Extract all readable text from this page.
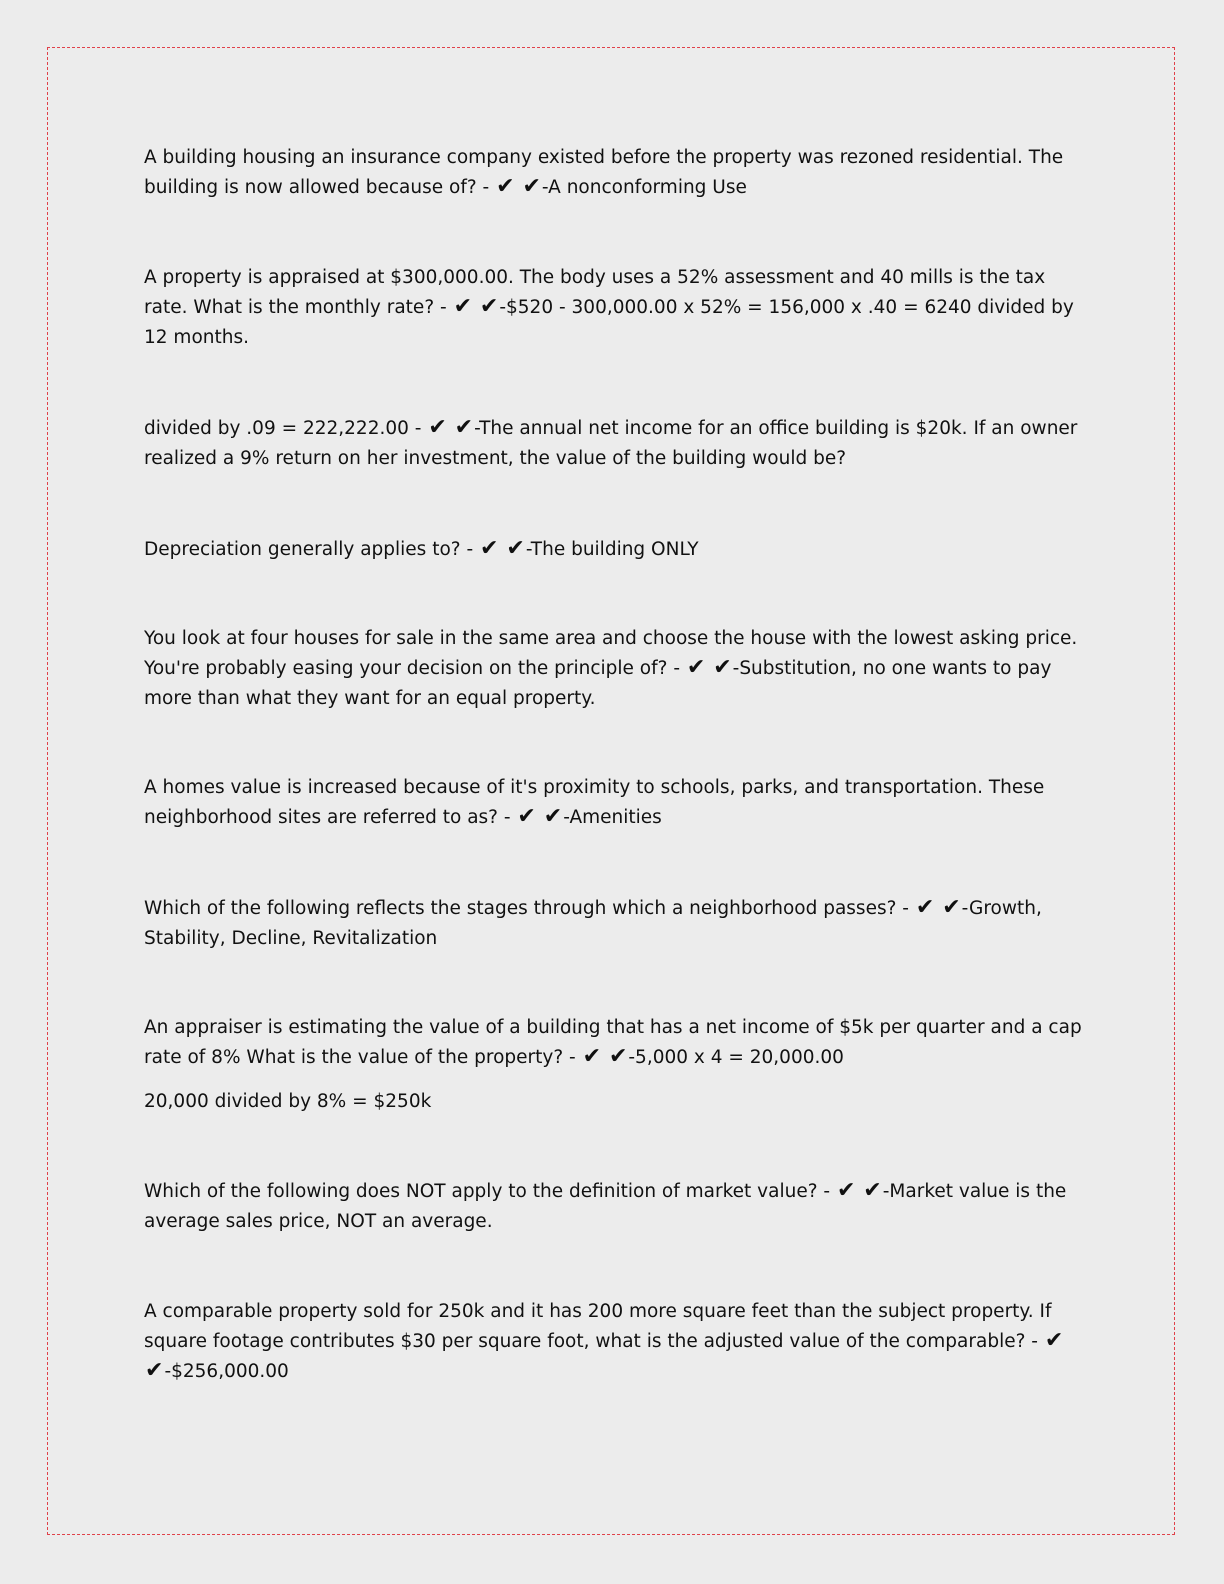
A building housing an insurance company existed before the property was rezoned residential. The building is now allowed because of? - ✔ ✔-A nonconforming Use

A property is appraised at $300,000.00. The body uses a 52% assessment and 40 mills is the tax rate. What is the monthly rate? - ✔ ✔-$520 - 300,000.00 x 52% = 156,000 x .40 = 6240 divided by 12 months.

divided by .09 = 222,222.00 - ✔ ✔-The annual net income for an office building is $20k. If an owner realized a 9% return on her investment, the value of the building would be?

Depreciation generally applies to? - ✔ ✔-The building ONLY

You look at four houses for sale in the same area and choose the house with the lowest asking price. You're probably easing your decision on the principle of? - ✔ ✔-Substitution, no one wants to pay more than what they want for an equal property.

A homes value is increased because of it's proximity to schools, parks, and transportation. These neighborhood sites are referred to as? - ✔ ✔-Amenities

Which of the following reflects the stages through which a neighborhood passes? - ✔ ✔-Growth, Stability, Decline, Revitalization

An appraiser is estimating the value of a building that has a net income of $5k per quarter and a cap rate of 8% What is the value of the property? - ✔ ✔-5,000 x 4 = 20,000.00

20,000 divided by 8% = $250k

Which of the following does NOT apply to the definition of market value? - ✔ ✔-Market value is the average sales price, NOT an average.

A comparable property sold for 250k and it has 200 more square feet than the subject property. If square footage contributes $30 per square foot, what is the adjusted value of the comparable? - ✔ ✔-$256,000.00
